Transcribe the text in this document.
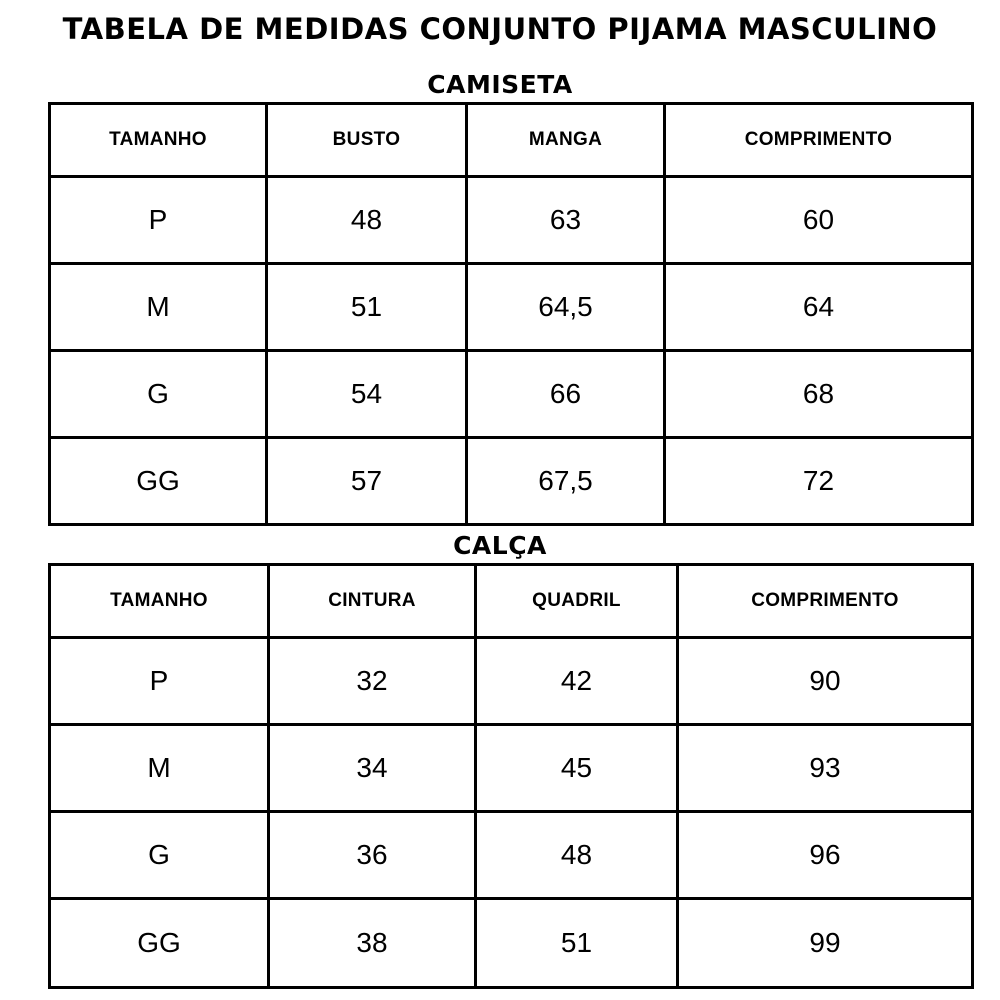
TABELA DE MEDIDAS CONJUNTO PIJAMA MASCULINO
CAMISETA
TAMANHO	BUSTO	MANGA	COMPRIMENTO
P	48	63	60
M	51	64,5	64
G	54	66	68
GG	57	67,5	72
CALÇA
TAMANHO	CINTURA	QUADRIL	COMPRIMENTO
P	32	42	90
M	34	45	93
G	36	48	96
GG	38	51	99
